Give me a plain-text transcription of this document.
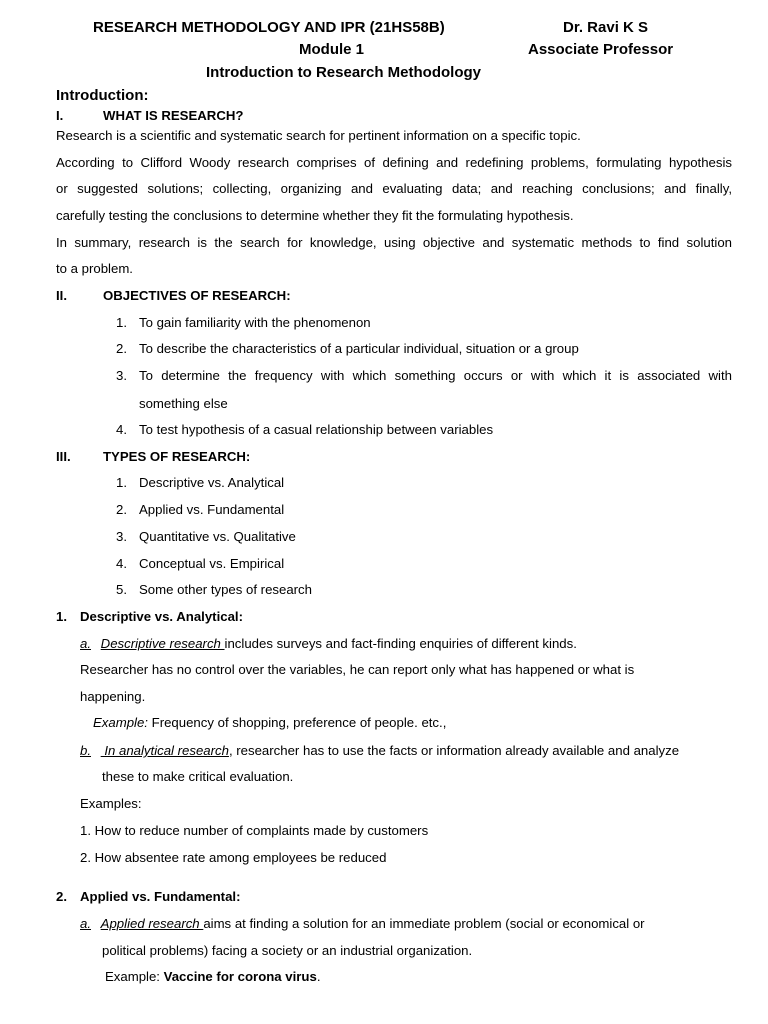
RESEARCH METHODOLOGY AND IPR (21HS58B)	Dr. Ravi K S
Module 1	Associate Professor
Introduction to Research Methodology
Introduction:
I.	WHAT IS RESEARCH?
Research is a scientific and systematic search for pertinent information on a specific topic.
According to Clifford Woody research comprises of defining and redefining problems, formulating hypothesis
or suggested solutions; collecting, organizing and evaluating data; and reaching conclusions; and finally,
carefully testing the conclusions to determine whether they fit the formulating hypothesis.
In summary, research is the search for knowledge, using objective and systematic methods to find solution
to a problem.
II.	OBJECTIVES OF RESEARCH:
1. To gain familiarity with the phenomenon
2. To describe the characteristics of a particular individual, situation or a group
3. To determine the frequency with which something occurs or with which it is associated with
something else
4. To test hypothesis of a casual relationship between variables
III. TYPES OF RESEARCH:
1. Descriptive vs. Analytical
2. Applied vs. Fundamental
3. Quantitative vs. Qualitative
4. Conceptual vs. Empirical
5. Some other types of research
1. Descriptive vs. Analytical:
a. Descriptive research includes surveys and fact-finding enquiries of different kinds.
Researcher has no control over the variables, he can report only what has happened or what is
happening.
Example: Frequency of shopping, preference of people. etc.,
b.  In analytical research, researcher has to use the facts or information already available and analyze
these to make critical evaluation.
Examples:
1. How to reduce number of complaints made by customers
2. How absentee rate among employees be reduced
2. Applied vs. Fundamental:
a. Applied research aims at finding a solution for an immediate problem (social or economical or
political problems) facing a society or an industrial organization.
Example: Vaccine for corona virus.
